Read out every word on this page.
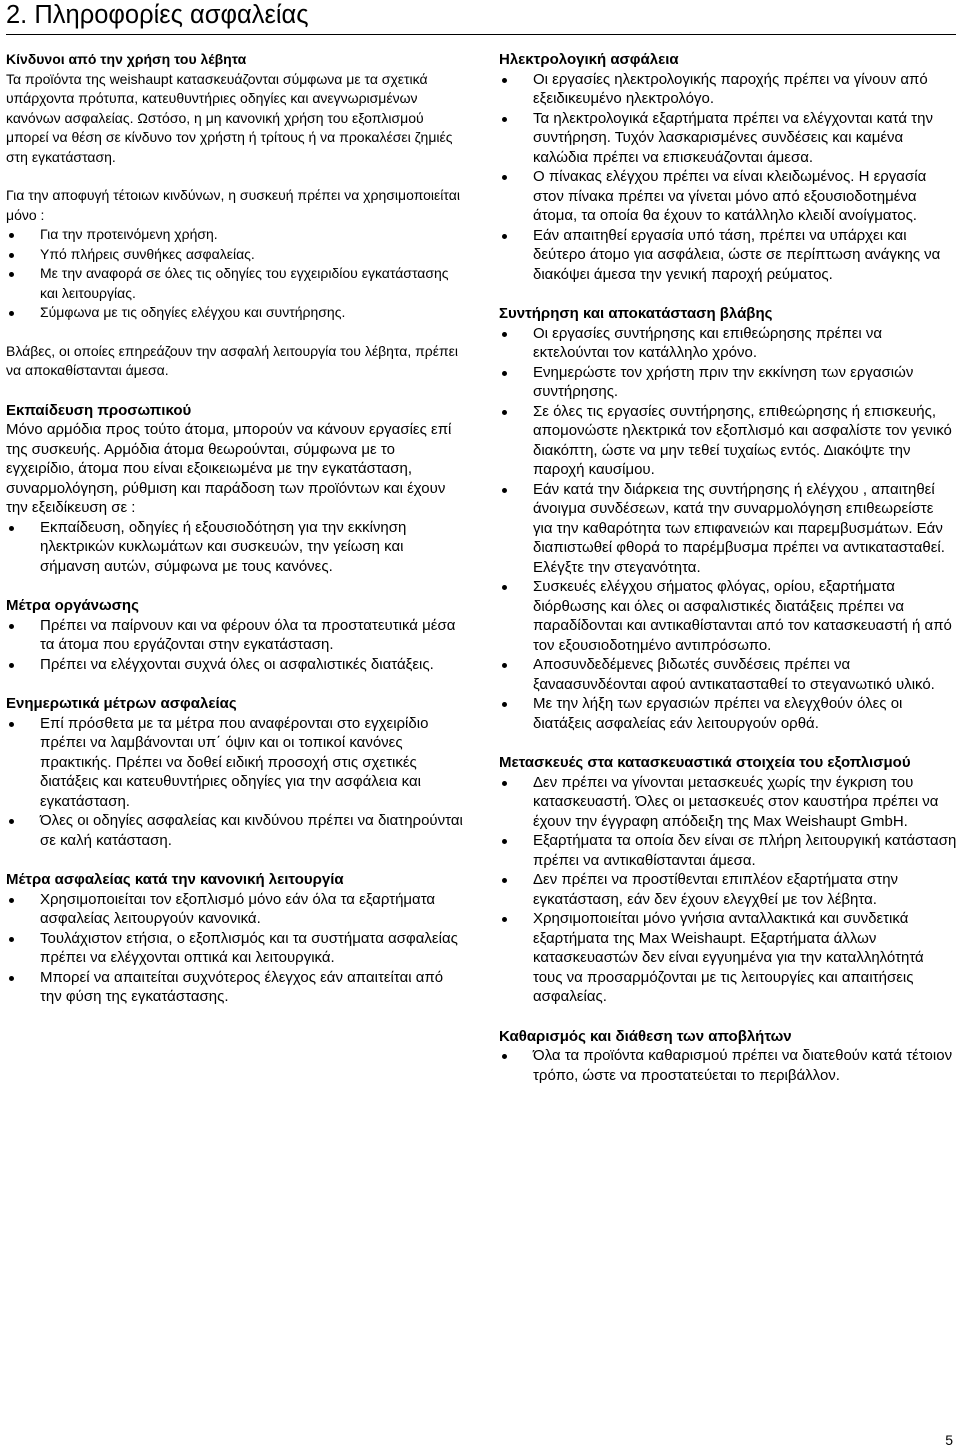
2. Πληροφορίες ασφαλείας
Κίνδυνοι από την χρήση του λέβητα

Τα προϊόντα της weishaupt κατασκευάζονται σύμφωνα με τα σχετικά υπάρχοντα πρότυπα, κατευθυντήριες οδηγίες και ανεγνωρισμένων κανόνων ασφαλείας. Ωστόσο, η μη κανονική χρήση του εξοπλισμού μπορεί να θέση σε κίνδυνο τον χρήστη ή τρίτους ή να προκαλέσει ζημιές στη εγκατάσταση.

Για την αποφυγή τέτοιων κινδύνων, η συσκευή πρέπει να χρησιμοποιείται μόνο :

Για την προτεινόμενη χρήση.
Υπό πλήρεις συνθήκες ασφαλείας.
Με την αναφορά σε όλες τις οδηγίες του εγχειριδίου εγκατάστασης και λειτουργίας.
Σύμφωνα με τις οδηγίες ελέγχου και συντήρησης.

Βλάβες, οι οποίες επηρεάζουν την ασφαλή λειτουργία του λέβητα, πρέπει να αποκαθίστανται άμεσα.

Εκπαίδευση προσωπικού

Μόνο αρμόδια προς τούτο άτομα, μπορούν να κάνουν εργασίες επί της συσκευής. Αρμόδια άτομα θεωρούνται, σύμφωνα με το εγχειρίδιο, άτομα που είναι εξοικειωμένα με την εγκατάσταση, συναρμολόγηση, ρύθμιση και παράδοση των προϊόντων και έχουν την εξειδίκευση σε :

Εκπαίδευση, οδηγίες ή εξουσιοδότηση για την εκκίνηση ηλεκτρικών κυκλωμάτων και συσκευών, την γείωση και σήμανση αυτών, σύμφωνα με τους κανόνες.
Μέτρα οργάνωσης
Πρέπει να παίρνουν και να φέρουν όλα τα προστατευτικά μέσα τα άτομα που εργάζονται στην εγκατάσταση.
Πρέπει να ελέγχονται συχνά όλες οι ασφαλιστικές διατάξεις.
Ενημερωτικά μέτρων ασφαλείας
Επί πρόσθετα με τα μέτρα που αναφέρονται στο εγχειρίδιο πρέπει να λαμβάνονται υπ΄ όψιν και οι τοπικοί κανόνες πρακτικής. Πρέπει να δοθεί ειδική προσοχή στις σχετικές διατάξεις και κατευθυντήριες οδηγίες για την ασφάλεια και εγκατάσταση.
Όλες οι οδηγίες ασφαλείας και κινδύνου πρέπει να διατηρούνται σε καλή κατάσταση.
Μέτρα ασφαλείας κατά την κανονική λειτουργία
Χρησιμοποιείται τον εξοπλισμό μόνο εάν όλα τα εξαρτήματα ασφαλείας λειτουργούν κανονικά.
Τουλάχιστον ετήσια, ο εξοπλισμός και τα συστήματα ασφαλείας πρέπει να ελέγχονται οπτικά και λειτουργικά.
Μπορεί να απαιτείται συχνότερος έλεγχος εάν απαιτείται από την φύση της εγκατάστασης.
Ηλεκτρολογική ασφάλεια
Οι εργασίες ηλεκτρολογικής παροχής πρέπει να γίνουν από εξειδικευμένο ηλεκτρολόγο.
Τα ηλεκτρολογικά εξαρτήματα πρέπει να ελέγχονται κατά την συντήρηση. Τυχόν λασκαρισμένες συνδέσεις και καμένα καλώδια πρέπει να επισκευάζονται άμεσα.
Ο πίνακας ελέγχου πρέπει να είναι κλειδωμένος. Η εργασία στον πίνακα πρέπει να γίνεται μόνο από εξουσιοδοτημένα άτομα, τα οποία θα έχουν το κατάλληλο κλειδί ανοίγματος.
Εάν απαιτηθεί εργασία υπό τάση, πρέπει να υπάρχει και δεύτερο άτομο για ασφάλεια, ώστε σε περίπτωση ανάγκης να διακόψει άμεσα την γενική παροχή ρεύματος.
Συντήρηση και αποκατάσταση βλάβης
Οι εργασίες συντήρησης και επιθεώρησης πρέπει να εκτελούνται τον κατάλληλο χρόνο.
Ενημερώστε τον χρήστη πριν την εκκίνηση των εργασιών συντήρησης.
Σε όλες τις εργασίες συντήρησης, επιθεώρησης ή επισκευής, απομονώστε ηλεκτρικά τον εξοπλισμό και ασφαλίστε τον γενικό διακόπτη, ώστε να μην τεθεί τυχαίως εντός. Διακόψτε την παροχή καυσίμου.
Εάν κατά την διάρκεια της συντήρησης ή ελέγχου , απαιτηθεί άνοιγμα συνδέσεων, κατά την συναρμολόγηση επιθεωρείστε για την καθαρότητα των επιφανειών και παρεμβυσμάτων. Εάν διαπιστωθεί φθορά το παρέμβυσμα πρέπει να αντικατασταθεί. Ελέγξτε την στεγανότητα.
Συσκευές ελέγχου σήματος φλόγας, ορίου, εξαρτήματα διόρθωσης και όλες οι ασφαλιστικές διατάξεις πρέπει να παραδίδονται και αντικαθίστανται από τον κατασκευαστή ή από τον εξουσιοδοτημένο αντιπρόσωπο.
Αποσυνδεδέμενες βιδωτές συνδέσεις πρέπει να ξαναασυνδέονται αφού αντικατασταθεί το στεγανωτικό υλικό.
Με την λήξη των εργασιών πρέπει να ελεγχθούν όλες οι διατάξεις ασφαλείας εάν λειτουργούν ορθά.
Μετασκευές στα κατασκευαστικά στοιχεία του εξοπλισμού
Δεν πρέπει να γίνονται μετασκευές χωρίς την έγκριση του κατασκευαστή. Όλες οι μετασκευές στον καυστήρα πρέπει να έχουν την έγγραφη απόδειξη της Max Weishaupt GmbH.
Εξαρτήματα τα οποία δεν είναι σε πλήρη λειτουργική κατάσταση πρέπει να αντικαθίστανται άμεσα.
Δεν πρέπει να προστίθενται επιπλέον εξαρτήματα στην εγκατάσταση, εάν δεν έχουν ελεγχθεί με τον λέβητα.
Χρησιμοποιείται μόνο γνήσια ανταλλακτικά και συνδετικά εξαρτήματα της Max Weishaupt. Εξαρτήματα άλλων κατασκευαστών δεν είναι εγγυημένα για την καταλληλότητά τους να προσαρμόζονται με τις λειτουργίες και απαιτήσεις ασφαλείας.
Καθαρισμός και διάθεση των αποβλήτων
Όλα τα προϊόντα καθαρισμού πρέπει να διατεθούν κατά τέτοιον τρόπο, ώστε να προστατεύεται το περιβάλλον.
5
